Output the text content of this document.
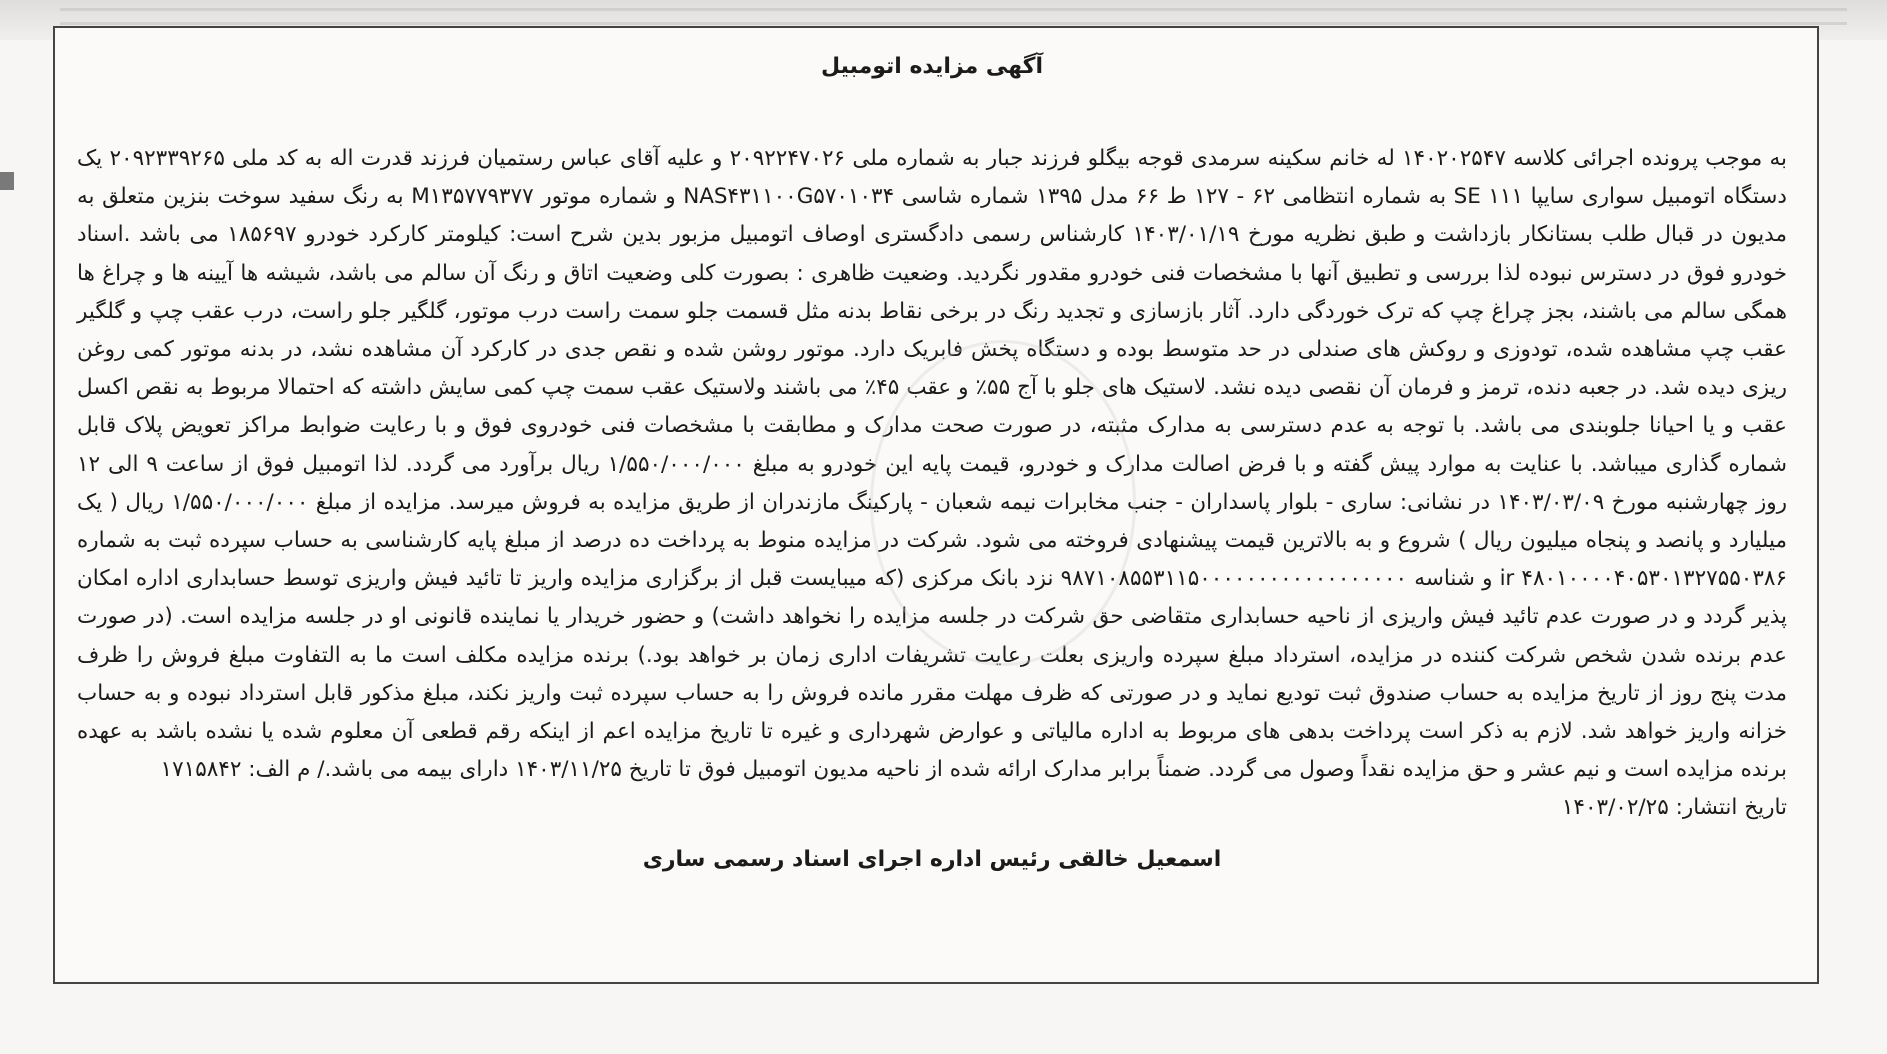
آگهی مزایده اتومبیل
به موجب پرونده اجرائی کلاسه ۱۴۰۲۰۲۵۴۷ له خانم سکینه سرمدی قوجه بیگلو فرزند جبار به شماره ملی ۲۰۹۲۲۴۷۰۲۶ و علیه آقای عباس رستمیان فرزند قدرت اله به کد ملی ۲۰۹۲۳۳۹۲۶۵ یک دستگاه اتومبیل سواری سایپا ۱۱۱ SE به شماره انتظامی ۶۲ - ۱۲۷ ط ۶۶ مدل ۱۳۹۵ شماره شاسی NAS۴۳۱۱۰۰G۵۷۰۱۰۳۴ و شماره موتور M۱۳۵۷۷۹۳۷۷ به رنگ سفید سوخت بنزین متعلق به مدیون در قبال طلب بستانکار بازداشت و طبق نظریه مورخ ۱۴۰۳/۰۱/۱۹ کارشناس رسمی دادگستری اوصاف اتومبیل مزبور بدین شرح است: کیلومتر کارکرد خودرو ۱۸۵۶۹۷ می باشد .اسناد خودرو فوق در دسترس نبوده لذا بررسی و تطبیق آنها با مشخصات فنی خودرو مقدور نگردید. وضعیت ظاهری : بصورت کلی وضعیت اتاق و رنگ آن سالم می باشد، شیشه ها آیینه ها و چراغ ها همگی سالم می باشند، بجز چراغ چپ که ترک خوردگی دارد. آثار بازسازی و تجدید رنگ در برخی نقاط بدنه مثل قسمت جلو سمت راست درب موتور، گلگیر جلو راست، درب عقب چپ و گلگیر عقب چپ مشاهده شده، تودوزی و روکش های صندلی در حد متوسط بوده و دستگاه پخش فابریک دارد. موتور روشن شده و نقص جدی در کارکرد آن مشاهده نشد، در بدنه موتور کمی روغن ریزی دیده شد. در جعبه دنده، ترمز و فرمان آن نقصی دیده نشد. لاستیک های جلو با آج ۵۵٪ و عقب ۴۵٪ می باشند ولاستیک عقب سمت چپ کمی سایش داشته که احتمالا مربوط به نقص اکسل عقب و یا احیانا جلوبندی می باشد. با توجه به عدم دسترسی به مدارک مثبته، در صورت صحت مدارک و مطابقت با مشخصات فنی خودروی فوق و با رعایت ضوابط مراکز تعویض پلاک قابل شماره گذاری میباشد. با عنایت به موارد پیش گفته و با فرض اصالت مدارک و خودرو، قیمت پایه این خودرو به مبلغ ۱/۵۵۰/۰۰۰/۰۰۰ ریال برآورد می گردد. لذا اتومبیل فوق از ساعت ۹ الی ۱۲ روز چهارشنبه مورخ ۱۴۰۳/۰۳/۰۹ در نشانی: ساری - بلوار پاسداران - جنب مخابرات نیمه شعبان - پارکینگ مازندران از طریق مزایده به فروش میرسد. مزایده از مبلغ ۱/۵۵۰/۰۰۰/۰۰۰ ریال ( یک میلیارد و پانصد و پنجاه میلیون ریال ) شروع و به بالاترین قیمت پیشنهادی فروخته می شود. شرکت در مزایده منوط به پرداخت ده درصد از مبلغ پایه کارشناسی به حساب سپرده ثبت به شماره ۴۸۰۱۰۰۰۰۴۰۵۳۰۱۳۲۷۵۵۰۳۸۶ ir و شناسه ۹۸۷۱۰۸۵۵۳۱۱۵۰۰۰۰۰۰۰۰۰۰۰۰۰۰۰۰۰۰ نزد بانک مرکزی (که میبایست قبل از برگزاری مزایده واریز تا تائید فیش واریزی توسط حسابداری اداره امکان پذیر گردد و در صورت عدم تائید فیش واریزی از ناحیه حسابداری متقاضی حق شرکت در جلسه مزایده را نخواهد داشت) و حضور خریدار یا نماینده قانونی او در جلسه مزایده است. (در صورت عدم برنده شدن شخص شرکت کننده در مزایده، استرداد مبلغ سپرده واریزی بعلت رعایت تشریفات اداری زمان بر خواهد بود.) برنده مزایده مکلف است ما به التفاوت مبلغ فروش را ظرف مدت پنج روز از تاریخ مزایده به حساب صندوق ثبت تودیع نماید و در صورتی که ظرف مهلت مقرر مانده فروش را به حساب سپرده ثبت واریز نکند، مبلغ مذکور قابل استرداد نبوده و به حساب خزانه واریز خواهد شد. لازم به ذکر است پرداخت بدهی های مربوط به اداره مالیاتی و عوارض شهرداری و غیره تا تاریخ مزایده اعم از اینکه رقم قطعی آن معلوم شده یا نشده باشد به عهده برنده مزایده است و نیم عشر و حق مزایده نقداً وصول می گردد. ضمناً برابر مدارک ارائه شده از ناحیه مدیون اتومبیل فوق تا تاریخ ۱۴۰۳/۱۱/۲۵ دارای بیمه می باشد./ م الف: ۱۷۱۵۸۴۲
تاریخ انتشار: ۱۴۰۳/۰۲/۲۵
اسمعیل خالقی رئیس اداره اجرای اسناد رسمی ساری
